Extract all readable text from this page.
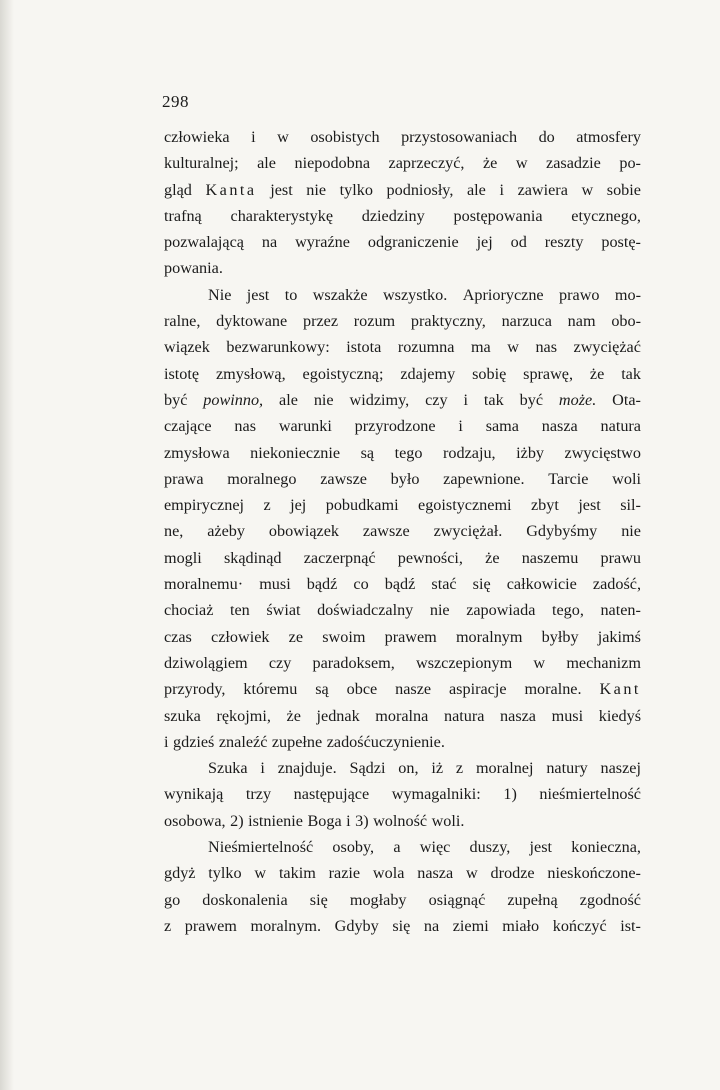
298
człowieka i w osobistych przystosowaniach do atmosfery
kulturalnej; ale niepodobna zaprzeczyć, że w zasadzie po-
gląd Kanta jest nie tylko podniosły, ale i zawiera w sobie
trafną charakterystykę dziedziny postępowania etycznego,
pozwalającą na wyraźne odgraniczenie jej od reszty postę-
powania.
Nie jest to wszakże wszystko. Aprioryczne prawo mo-
ralne, dyktowane przez rozum praktyczny, narzuca nam obo-
wiązek bezwarunkowy: istota rozumna ma w nas zwyciężać
istotę zmysłową, egoistyczną; zdajemy sobię sprawę, że tak
być powinno, ale nie widzimy, czy i tak być może. Ota-
czające nas warunki przyrodzone i sama nasza natura
zmysłowa niekoniecznie są tego rodzaju, iżby zwycięstwo
prawa moralnego zawsze było zapewnione. Tarcie woli
empirycznej z jej pobudkami egoistycznemi zbyt jest sil-
ne, ażeby obowiązek zawsze zwyciężał. Gdybyśmy nie
mogli skądinąd zaczerpnąć pewności, że naszemu prawu
moralnemu· musi bądź co bądź stać się całkowicie zadość,
chociaż ten świat doświadczalny nie zapowiada tego, naten-
czas człowiek ze swoim prawem moralnym byłby jakimś
dziwolągiem czy paradoksem, wszczepionym w mechanizm
przyrody, któremu są obce nasze aspiracje moralne. Kant
szuka rękojmi, że jednak moralna natura nasza musi kiedyś
i gdzieś znaleźć zupełne zadośćuczynienie.
Szuka i znajduje. Sądzi on, iż z moralnej natury naszej
wynikają trzy następujące wymagalniki: 1) nieśmiertelność
osobowa, 2) istnienie Boga i 3) wolność woli.
Nieśmiertelność osoby, a więc duszy, jest konieczna,
gdyż tylko w takim razie wola nasza w drodze nieskończone-
go doskonalenia się mogłaby osiągnąć zupełną zgodność
z prawem moralnym. Gdyby się na ziemi miało kończyć ist-
